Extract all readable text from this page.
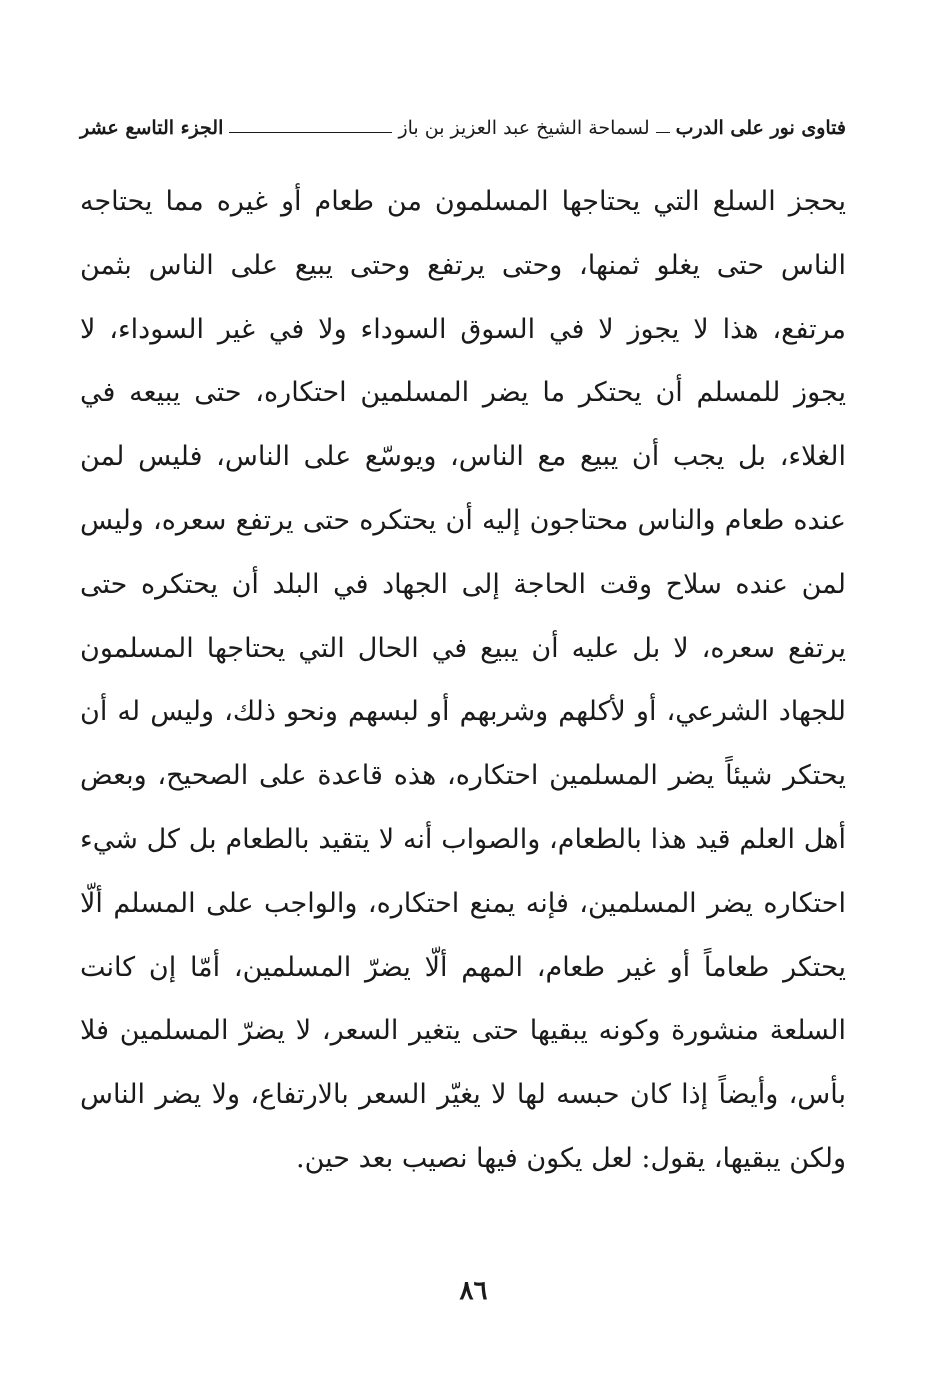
فتاوى نور على الدرب
لسماحة الشيخ عبد العزيز بن باز
الجزء التاسع عشر
يحجز السلع التي يحتاجها المسلمون من طعام أو غيره مما يحتاجه
الناس حتى يغلو ثمنها، وحتى يرتفع وحتى يبيع على الناس بثمن
مرتفع، هذا لا يجوز لا في السوق السوداء ولا في غير السوداء، لا
يجوز للمسلم أن يحتكر ما يضر المسلمين احتكاره، حتى يبيعه في
الغلاء، بل يجب أن يبيع مع الناس، ويوسّع على الناس، فليس لمن
عنده طعام والناس محتاجون إليه أن يحتكره حتى يرتفع سعره، وليس
لمن عنده سلاح وقت الحاجة إلى الجهاد في البلد أن يحتكره حتى
يرتفع سعره، لا بل عليه أن يبيع في الحال التي يحتاجها المسلمون
للجهاد الشرعي، أو لأكلهم وشربهم أو لبسهم ونحو ذلك، وليس له أن
يحتكر شيئاً يضر المسلمين احتكاره، هذه قاعدة على الصحيح، وبعض
أهل العلم قيد هذا بالطعام، والصواب أنه لا يتقيد بالطعام بل كل شيء
احتكاره يضر المسلمين، فإنه يمنع احتكاره، والواجب على المسلم ألّا
يحتكر طعاماً أو غير طعام، المهم ألّا يضرّ المسلمين، أمّا إن كانت
السلعة منشورة وكونه يبقيها حتى يتغير السعر، لا يضرّ المسلمين فلا
بأس، وأيضاً إذا كان حبسه لها لا يغيّر السعر بالارتفاع، ولا يضر الناس
ولكن يبقيها، يقول: لعل يكون فيها نصيب بعد حين.
٨٦
